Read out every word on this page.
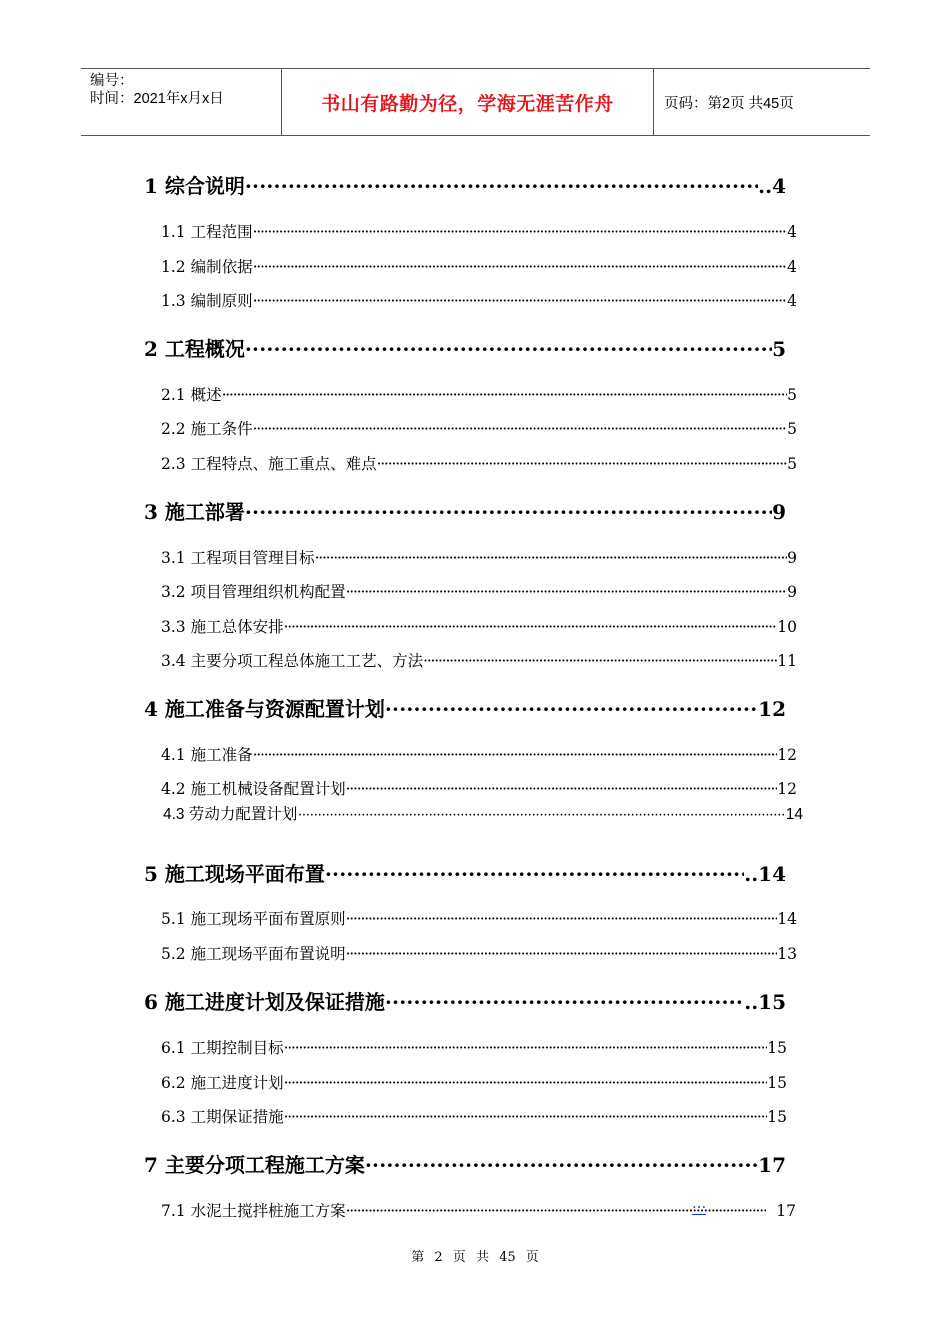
编号：
时间：2021年x月x日	书山有路勤为径，学海无涯苦作舟	页码：第2页 共45页
1 综合说明 ·····	..4
1.1 工程范围 ·····	4
1.2 编制依据 ·····	4
1.3 编制原则 ·····	4
2 工程概况 ·····	5
2.1 概述 ·····	5
2.2 施工条件 ·····	5
2.3 工程特点、施工重点、难点 ·····	5
3 施工部署 ·····	9
3.1 工程项目管理目标 ·····	9
3.2 项目管理组织机构配置 ·····	9
3.3 施工总体安排 ·····	10
3.4 主要分项工程总体施工工艺、方法 ·····	11
4 施工准备与资源配置计划 ·····	12
4.1 施工准备 ·····	12
4.2 施工机械设备配置计划 ·····	12
4.3 劳动力配置计划 ·····	14
5 施工现场平面布置 ·····	..14
5.1 施工现场平面布置原则 ·····	14
5.2 施工现场平面布置说明 ·····	13
6 施工进度计划及保证措施 ·····	..15
6.1 工期控制目标 ·····	15
6.2 施工进度计划 ·····	15
6.3 工期保证措施 ·····	15
7 主要分项工程施工方案 ·····	17
7.1 水泥土搅拌桩施工方案 ·····	17
···
第 2 页 共 45 页
